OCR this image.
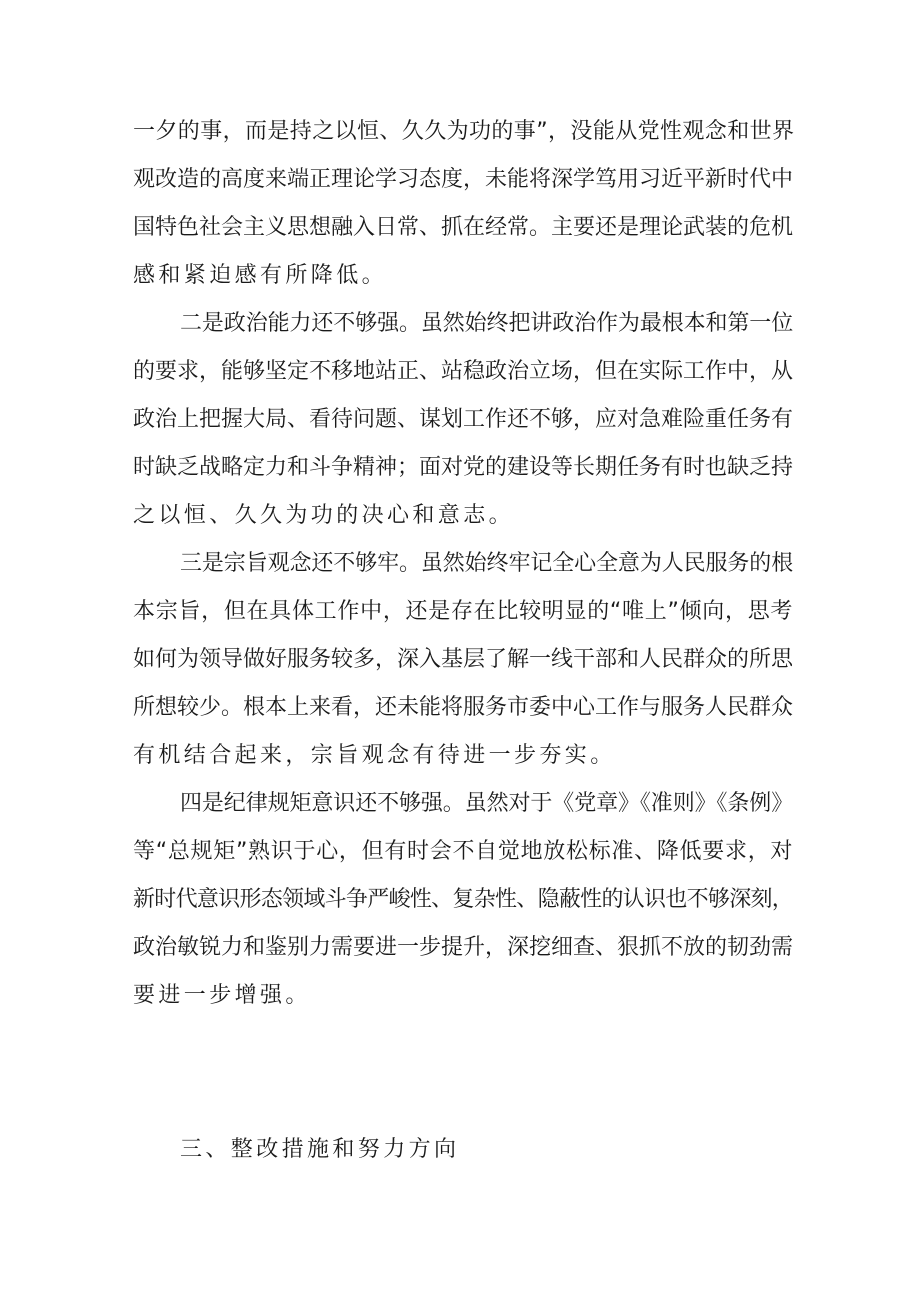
一夕的事，而是持之以恒、久久为功的事”，没能从党性观念和世界
观改造的高度来端正理论学习态度，未能将深学笃用习近平新时代中
国特色社会主义思想融入日常、抓在经常。主要还是理论武装的危机
感和紧迫感有所降低。
二是政治能力还不够强。虽然始终把讲政治作为最根本和第一位
的要求，能够坚定不移地站正、站稳政治立场，但在实际工作中，从
政治上把握大局、看待问题、谋划工作还不够，应对急难险重任务有
时缺乏战略定力和斗争精神；面对党的建设等长期任务有时也缺乏持
之以恒、久久为功的决心和意志。
三是宗旨观念还不够牢。虽然始终牢记全心全意为人民服务的根
本宗旨，但在具体工作中，还是存在比较明显的“唯上”倾向，思考
如何为领导做好服务较多，深入基层了解一线干部和人民群众的所思
所想较少。根本上来看，还未能将服务市委中心工作与服务人民群众
有机结合起来，宗旨观念有待进一步夯实。
四是纪律规矩意识还不够强。虽然对于《党章》《准则》《条例》
等“总规矩”熟识于心，但有时会不自觉地放松标准、降低要求，对
新时代意识形态领域斗争严峻性、复杂性、隐蔽性的认识也不够深刻，
政治敏锐力和鉴别力需要进一步提升，深挖细查、狠抓不放的韧劲需
要进一步增强。
三、整改措施和努力方向
